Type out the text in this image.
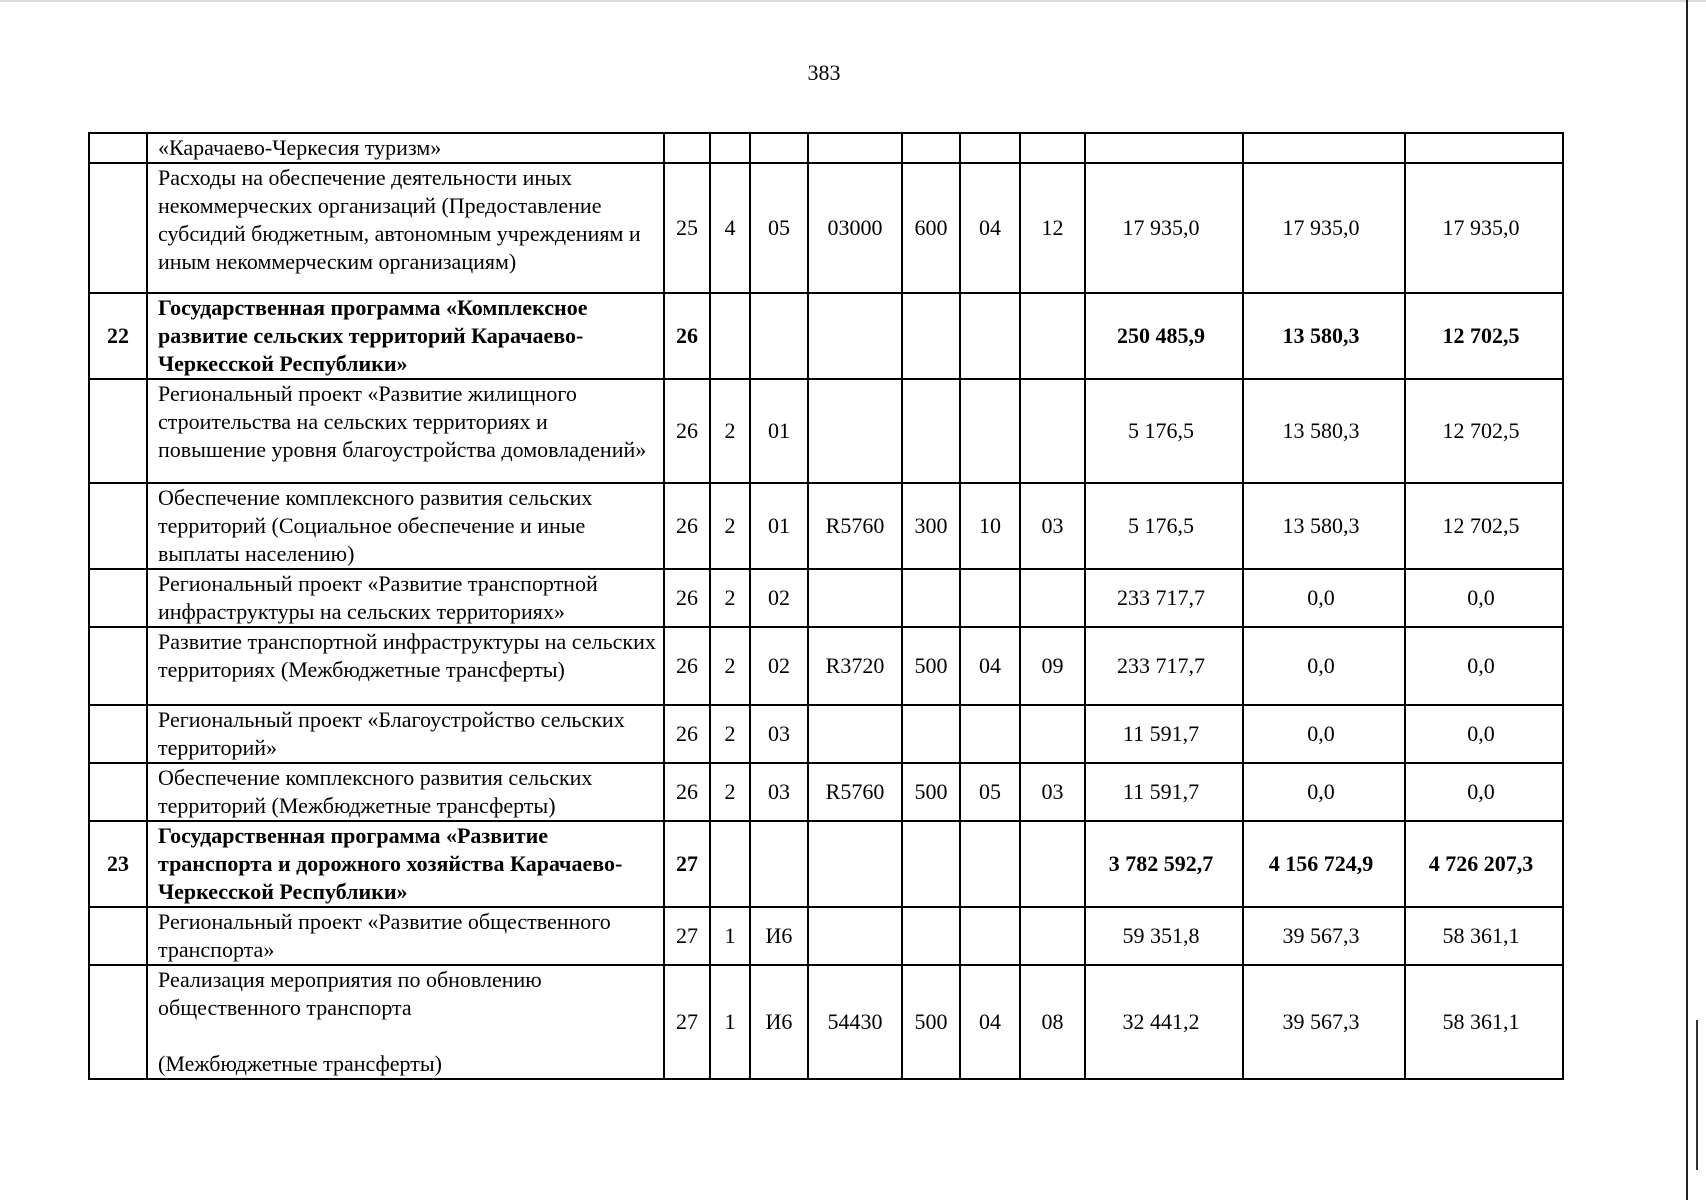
383
	«Карачаево-Черкесия туризм»										
	Расходы на обеспечение деятельности иных некоммерческих организаций (Предоставление субсидий бюджетным, автономным учреждениям и иным некоммерческим организациям)	25	4	05	03000	600	04	12	17 935,0	17 935,0	17 935,0
22	Государственная программа «Комплексное развитие сельских территорий Карачаево-Черкесской Республики»	26							250 485,9	13 580,3	12 702,5
	Региональный проект «Развитие жилищного строительства на сельских территориях и повышение уровня благоустройства домовладений»	26	2	01					5 176,5	13 580,3	12 702,5
	Обеспечение комплексного развития сельских территорий (Социальное обеспечение и иные выплаты населению)	26	2	01	R5760	300	10	03	5 176,5	13 580,3	12 702,5
	Региональный проект «Развитие транспортной инфраструктуры на сельских территориях»	26	2	02					233 717,7	0,0	0,0
	Развитие транспортной инфраструктуры на сельских территориях (Межбюджетные трансферты)	26	2	02	R3720	500	04	09	233 717,7	0,0	0,0
	Региональный проект «Благоустройство сельских территорий»	26	2	03					11 591,7	0,0	0,0
	Обеспечение комплексного развития сельских территорий (Межбюджетные трансферты)	26	2	03	R5760	500	05	03	11 591,7	0,0	0,0
23	Государственная программа «Развитие транспорта и дорожного хозяйства Карачаево-Черкесской Республики»	27							3 782 592,7	4 156 724,9	4 726 207,3
	Региональный проект «Развитие общественного транспорта»	27	1	И6					59 351,8	39 567,3	58 361,1
	Реализация мероприятия по обновлению общественного транспорта

(Межбюджетные трансферты)	27	1	И6	54430	500	04	08	32 441,2	39 567,3	58 361,1
